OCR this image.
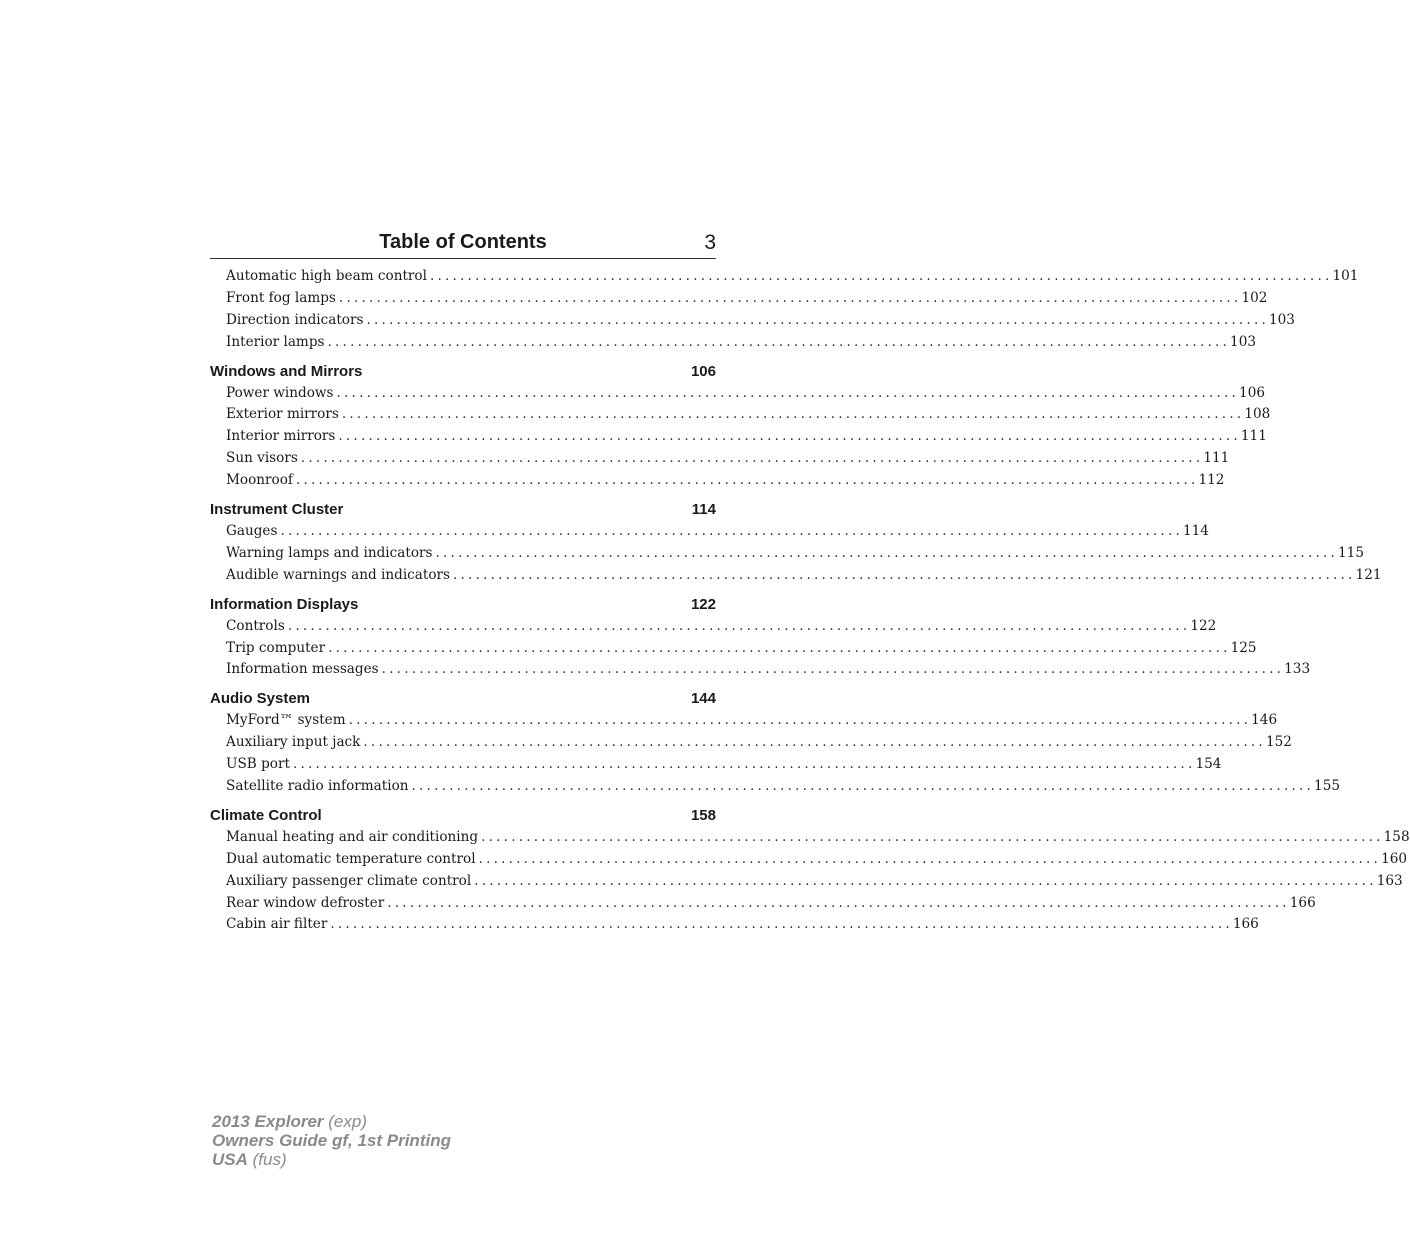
Table of Contents	3
Automatic high beam control ........................................................................................................................ 101
Front fog lamps ........................................................................................................................ 102
Direction indicators ........................................................................................................................ 103
Interior lamps ........................................................................................................................ 103
Windows and Mirrors	106
Power windows ........................................................................................................................ 106
Exterior mirrors ........................................................................................................................ 108
Interior mirrors ........................................................................................................................ 111
Sun visors ........................................................................................................................ 111
Moonroof ........................................................................................................................ 112
Instrument Cluster	114
Gauges ........................................................................................................................ 114
Warning lamps and indicators ........................................................................................................................ 115
Audible warnings and indicators ........................................................................................................................ 121
Information Displays	122
Controls ........................................................................................................................ 122
Trip computer ........................................................................................................................ 125
Information messages ........................................................................................................................ 133
Audio System	144
MyFord™ system ........................................................................................................................ 146
Auxiliary input jack ........................................................................................................................ 152
USB port ........................................................................................................................ 154
Satellite radio information ........................................................................................................................ 155
Climate Control	158
Manual heating and air conditioning ........................................................................................................................ 158
Dual automatic temperature control ........................................................................................................................ 160
Auxiliary passenger climate control ........................................................................................................................ 163
Rear window defroster ........................................................................................................................ 166
Cabin air filter ........................................................................................................................ 166
2013 Explorer (exp)
Owners Guide gf, 1st Printing
USA (fus)
